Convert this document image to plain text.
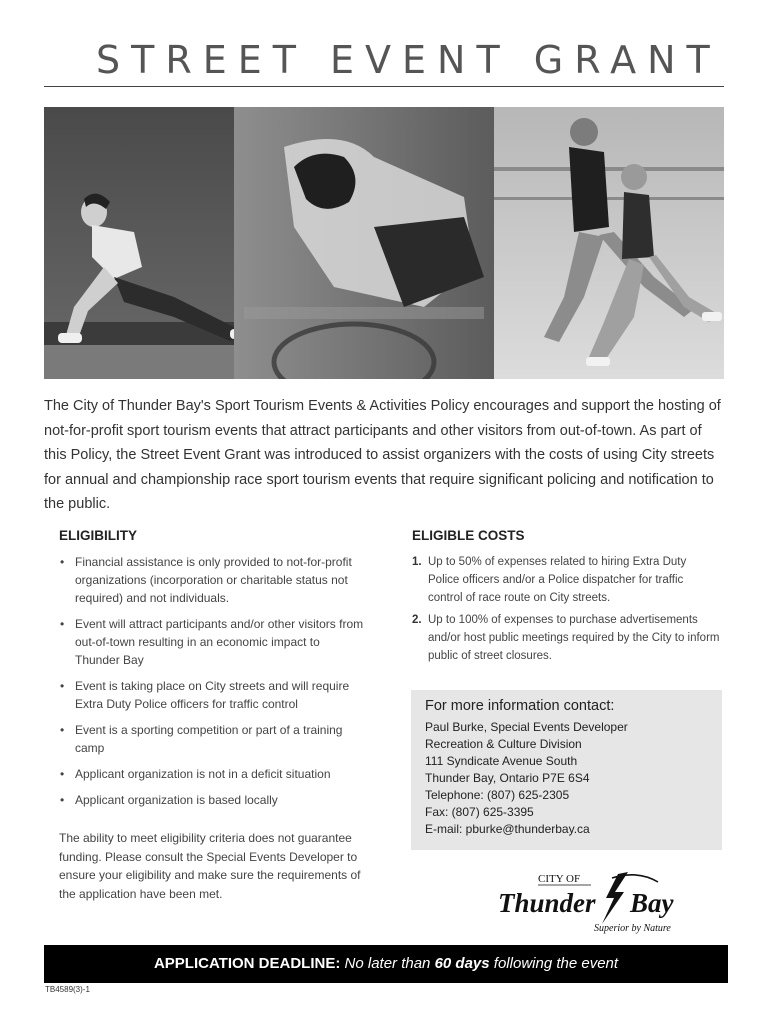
STREET EVENT GRANT
The City of Thunder Bay's Sport Tourism Events & Activities Policy encourages and support the hosting of not-for-profit sport tourism events that attract participants and other visitors from out-of-town. As part of this Policy, the Street Event Grant was introduced to assist organizers with the costs of using City streets for annual and championship race sport tourism events that require significant policing and notification to the public.
ELIGIBILITY
• Financial assistance is only provided to not-for-profit organizations (incorporation or charitable status not required) and not individuals.
• Event will attract participants and/or other visitors from out-of-town resulting in an economic impact to Thunder Bay
• Event is taking place on City streets and will require Extra Duty Police officers for traffic control
• Event is a sporting competition or part of a training camp
• Applicant organization is not in a deficit situation
• Applicant organization is based locally
The ability to meet eligibility criteria does not guarantee funding. Please consult the Special Events Developer to ensure your eligibility and make sure the requirements of the application have been met.
ELIGIBLE COSTS
1. Up to 50% of expenses related to hiring Extra Duty Police officers and/or a Police dispatcher for traffic control of race route on City streets.
2. Up to 100% of expenses to purchase advertisements and/or host public meetings required by the City to inform public of street closures.
For more information contact:
Paul Burke, Special Events Developer
Recreation & Culture Division
111 Syndicate Avenue South
Thunder Bay, Ontario P7E 6S4
Telephone: (807) 625-2305
Fax: (807) 625-3395
E-mail: pburke@thunderbay.ca
CITY OF
Thunder Bay
Superior by Nature
APPLICATION DEADLINE: No later than 60 days following the event
TB4589(3)-1
